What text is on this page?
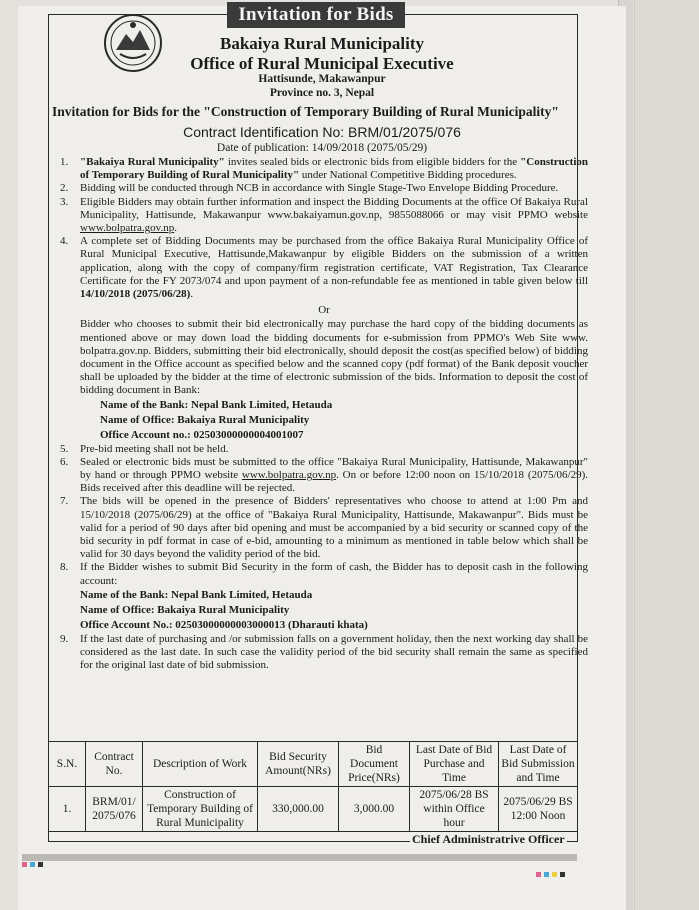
Invitation for Bids
Bakaiya Rural Municipality
Office of Rural Municipal Executive
Hattisunde, Makawanpur
Province no. 3, Nepal
Invitation for Bids for the "Construction of Temporary Building of Rural Municipality"
Contract Identification No: BRM/01/2075/076
Date of publication: 14/09/2018 (2075/05/29)
1. "Bakaiya Rural Municipality" invites sealed bids or electronic bids from eligible bidders for the "Construction of Temporary Building of Rural Municipality" under National Competitive Bidding procedures.
2. Bidding will be conducted through NCB in accordance with Single Stage-Two Envelope Bidding Procedure.
3. Eligible Bidders may obtain further information and inspect the Bidding Documents at the office Of Bakaiya Rural Municipality, Hattisunde, Makawanpur www.bakaiyamun.gov.np, 9855088066 or may visit PPMO website www.bolpatra.gov.np.
4. A complete set of Bidding Documents may be purchased from the office Bakaiya Rural Municipality Office of Rural Municipal Executive, Hattisunde,Makawanpur by eligible Bidders on the submission of a written application, along with the copy of company/firm registration certificate, VAT Registration, Tax Clearance Certificate for the FY 2073/074 and upon payment of a non-refundable fee as mentioned in table given below till 14/10/2018 (2075/06/28).
Or
Bidder who chooses to submit their bid electronically may purchase the hard copy of the bidding documents as mentioned above or may down load the bidding documents for e-submission from PPMO's Web Site www. bolpatra.gov.np. Bidders, submitting their bid electronically, should deposit the cost(as specified below) of bidding document in the Office account as specified below and the scanned copy (pdf format) of the Bank deposit voucher shall be uploaded by the bidder at the time of electronic submission of the bids. Information to deposit the cost of bidding document in Bank:
Name of the Bank: Nepal Bank Limited, Hetauda
Name of Office: Bakaiya Rural Municipality
Office Account no.: 02503000000004001007
5. Pre-bid meeting shall not be held.
6. Sealed or electronic bids must be submitted to the office "Bakaiya Rural Municipality, Hattisunde, Makawanpur" by hand or through PPMO website www.bolpatra.gov.np. On or before 12:00 noon on 15/10/2018 (2075/06/29). Bids received after this deadline will be rejected.
7. The bids will be opened in the presence of Bidders' representatives who choose to attend at 1:00 Pm and 15/10/2018 (2075/06/29) at the office of "Bakaiya Rural Municipality, Hattisunde, Makawanpur". Bids must be valid for a period of 90 days after bid opening and must be accompanied by a bid security or scanned copy of the bid security in pdf format in case of e-bid, amounting to a minimum as mentioned in table below which shall be valid for 30 days beyond the validity period of the bid.
8. If the Bidder wishes to submit Bid Security in the form of cash, the Bidder has to deposit cash in the following account:
Name of the Bank: Nepal Bank Limited, Hetauda
Name of Office: Bakaiya Rural Municipality
Office Account No.: 02503000000003000013 (Dharauti khata)
9. If the last date of purchasing and /or submission falls on a government holiday, then the next working day shall be considered as the last date. In such case the validity period of the bid security shall remain the same as specified for the original last date of bid submission.
S.N.	Contract No.	Description of Work	Bid Security Amount(NRs)	Bid Document Price(NRs)	Last Date of Bid Purchase and Time	Last Date of Bid Submission and Time
1.	BRM/01/ 2075/076	Construction of Temporary Building of Rural Municipality	330,000.00	3,000.00	2075/06/28 BS within Office hour	2075/06/29 BS 12:00 Noon
Chief Administratrive Officer
